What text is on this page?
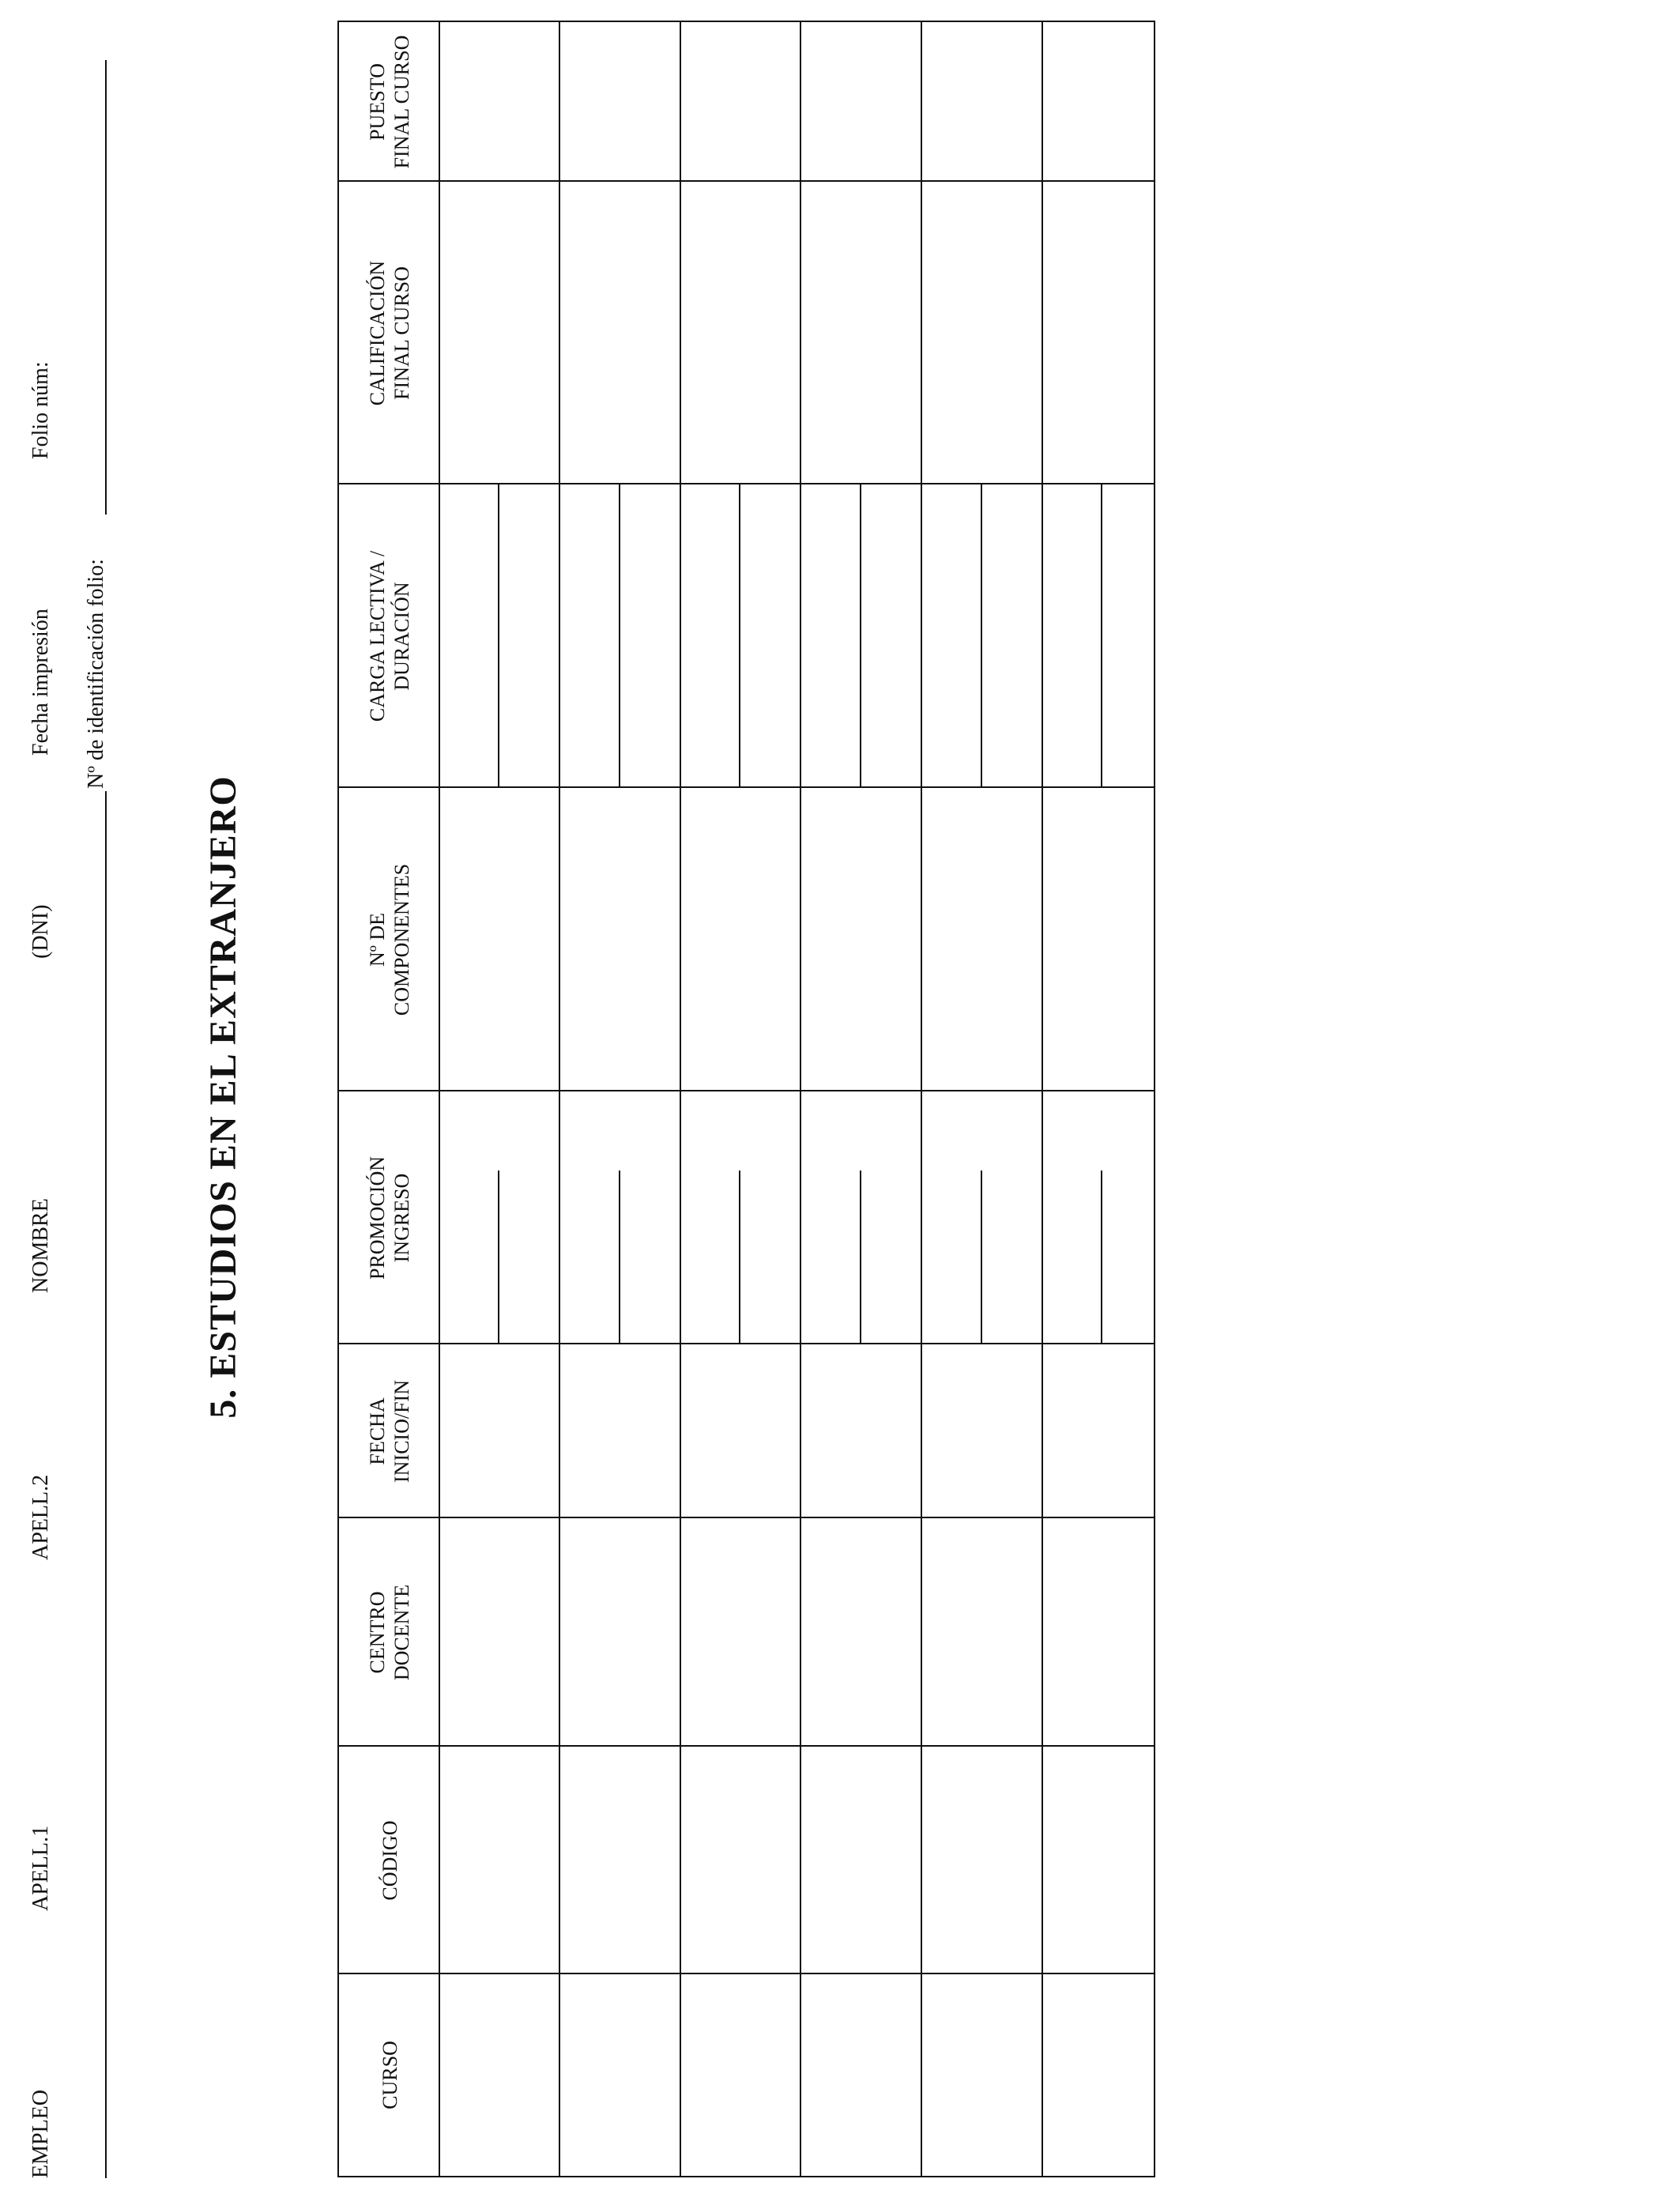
EMPLEO
APELL.1
APELL.2
NOMBRE
(DNI)
Fecha impresión
Folio núm:
Nº de identificación folio:
5. ESTUDIOS EN EL EXTRANJERO
CURSO
CÓDIGO
CENTRO
DOCENTE
FECHA
INICIO/FIN
PROMOCIÓN
INGRESO
Nº DE
COMPONENTES
CARGA LECTIVA /
DURACIÓN
CALIFICACIÓN
FINAL CURSO
PUESTO
FINAL CURSO
